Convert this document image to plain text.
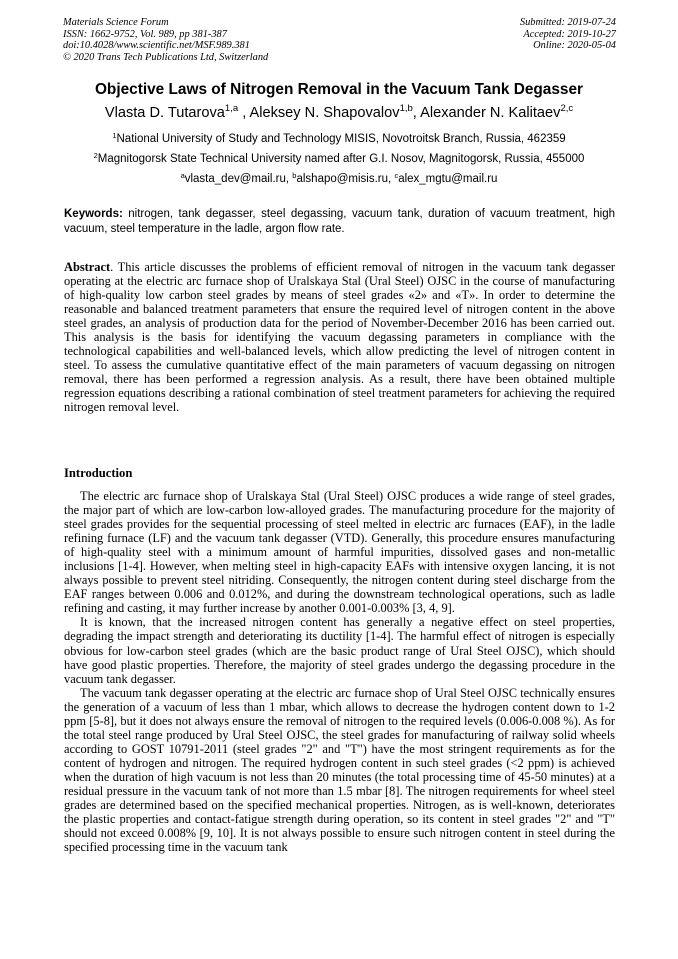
Materials Science Forum
ISSN: 1662-9752, Vol. 989, pp 381-387
doi:10.4028/www.scientific.net/MSF.989.381
© 2020 Trans Tech Publications Ltd, Switzerland
Submitted: 2019-07-24
Accepted: 2019-10-27
Online: 2020-05-04
Objective Laws of Nitrogen Removal in the Vacuum Tank Degasser
Vlasta D. Tutarova$^{1,a}$ , Aleksey N. Shapovalov$^{1,b}$, Alexander N. Kalitaev$^{2,c}$
$^1$National University of Study and Technology MISIS, Novotroitsk Branch, Russia, 462359
$^2$Magnitogorsk State Technical University named after G.I. Nosov, Magnitogorsk, Russia, 455000
$^a$vlasta_dev@mail.ru, $^b$alshapo@misis.ru, $^c$alex_mgtu@mail.ru
Keywords: nitrogen, tank degasser, steel degassing, vacuum tank, duration of vacuum treatment, high vacuum, steel temperature in the ladle, argon flow rate.
Abstract. This article discusses the problems of efficient removal of nitrogen in the vacuum tank degasser operating at the electric arc furnace shop of Uralskaya Stal (Ural Steel) OJSC in the course of manufacturing of high-quality low carbon steel grades by means of steel grades «2» and «T». In order to determine the reasonable and balanced treatment parameters that ensure the required level of nitrogen content in the above steel grades, an analysis of production data for the period of November-December 2016 has been carried out. This analysis is the basis for identifying the vacuum degassing parameters in compliance with the technological capabilities and well-balanced levels, which allow predicting the level of nitrogen content in steel. To assess the cumulative quantitative effect of the main parameters of vacuum degassing on nitrogen removal, there has been performed a regression analysis. As a result, there have been obtained multiple regression equations describing a rational combination of steel treatment parameters for achieving the required nitrogen removal level.
Introduction

The electric arc furnace shop of Uralskaya Stal (Ural Steel) OJSC produces a wide range of steel grades, the major part of which are low-carbon low-alloyed grades. The manufacturing procedure for the majority of steel grades provides for the sequential processing of steel melted in electric arc furnaces (EAF), in the ladle refining furnace (LF) and the vacuum tank degasser (VTD). Generally, this procedure ensures manufacturing of high-quality steel with a minimum amount of harmful impurities, dissolved gases and non-metallic inclusions [1-4]. However, when melting steel in high-capacity EAFs with intensive oxygen lancing, it is not always possible to prevent steel nitriding. Consequently, the nitrogen content during steel discharge from the EAF ranges between 0.006 and 0.012%, and during the downstream technological operations, such as ladle refining and casting, it may further increase by another 0.001-0.003% [3, 4, 9].

It is known, that the increased nitrogen content has generally a negative effect on steel properties, degrading the impact strength and deteriorating its ductility [1-4]. The harmful effect of nitrogen is especially obvious for low-carbon steel grades (which are the basic product range of Ural Steel OJSC), which should have good plastic properties. Therefore, the majority of steel grades undergo the degassing procedure in the vacuum tank degasser.

The vacuum tank degasser operating at the electric arc furnace shop of Ural Steel OJSC technically ensures the generation of a vacuum of less than 1 mbar, which allows to decrease the hydrogen content down to 1-2 ppm [5-8], but it does not always ensure the removal of nitrogen to the required levels (0.006-0.008 %). As for the total steel range produced by Ural Steel OJSC, the steel grades for manufacturing of railway solid wheels according to GOST 10791-2011 (steel grades "2" and "T") have the most stringent requirements as for the content of hydrogen and nitrogen. The required hydrogen content in such steel grades (<2 ppm) is achieved when the duration of high vacuum is not less than 20 minutes (the total processing time of 45-50 minutes) at a residual pressure in the vacuum tank of not more than 1.5 mbar [8]. The nitrogen requirements for wheel steel grades are determined based on the specified mechanical properties. Nitrogen, as is well-known, deteriorates the plastic properties and contact-fatigue strength during operation, so its content in steel grades "2" and "T" should not exceed 0.008% [9, 10]. It is not always possible to ensure such nitrogen content in steel during the specified processing time in the vacuum tank
